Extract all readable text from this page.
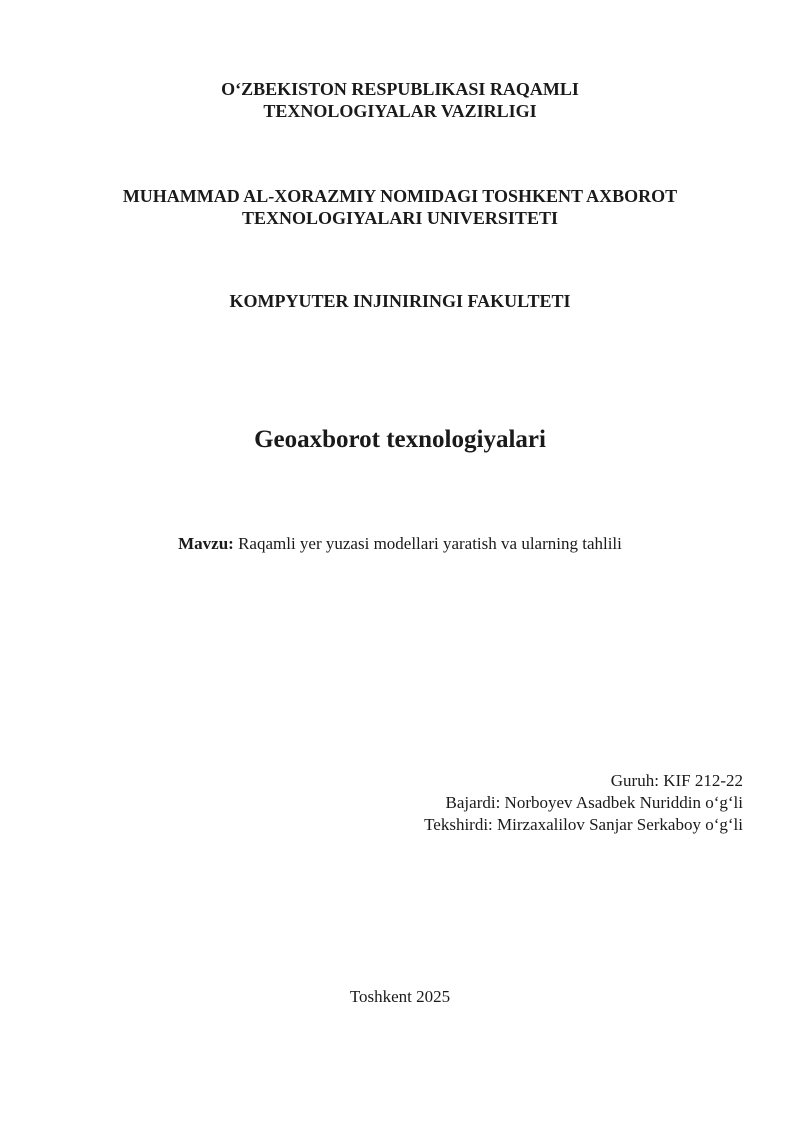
O‘ZBEKISTON RESPUBLIKASI RAQAMLI
TEXNOLOGIYALAR VAZIRLIGI
MUHAMMAD AL-XORAZMIY NOMIDAGI TOSHKENT AXBOROT
TEXNOLOGIYALARI UNIVERSITETI
KOMPYUTER INJINIRINGI FAKULTETI
Geoaxborot texnologiyalari
Mavzu: Raqamli yer yuzasi modellari yaratish va ularning tahlili
Guruh: KIF 212-22
Bajardi: Norboyev Asadbek Nuriddin o‘g‘li
Tekshirdi: Mirzaxalilov Sanjar Serkaboy o‘g‘li
Toshkent 2025
